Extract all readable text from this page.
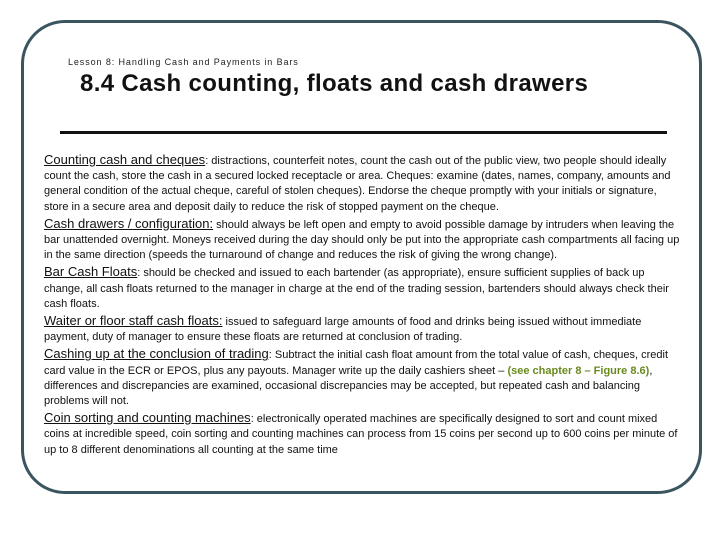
Lesson 8: Handling Cash and Payments in Bars
8.4 Cash counting, floats and cash drawers

Counting cash and cheques: distractions, counterfeit notes, count the cash out of the public view, two people should ideally count the cash, store the cash in a secured locked receptacle or area. Cheques: examine (dates, names, company, amounts and general condition of the actual cheque, careful of stolen cheques). Endorse the cheque promptly with your initials or signature, store in a secure area and deposit daily to reduce the risk of stopped payment on the cheque.

Cash drawers / configuration: should always be left open and empty to avoid possible damage by intruders when leaving the bar unattended overnight. Moneys received during the day should only be put into the appropriate cash compartments all facing up in the same direction (speeds the turnaround of change and reduces the risk of giving the wrong change).

Bar Cash Floats: should be checked and issued to each bartender (as appropriate), ensure sufficient supplies of back up change, all cash floats returned to the manager in charge at the end of the trading session, bartenders should always check their cash floats.

Waiter or floor staff cash floats: issued to safeguard large amounts of food and drinks being issued without immediate payment, duty of manager to ensure these floats are returned at conclusion of trading.

Cashing up at the conclusion of trading: Subtract the initial cash float amount from the total value of cash, cheques, credit card value in the ECR or EPOS, plus any payouts. Manager write up the daily cashiers sheet – (see chapter 8 – Figure 8.6), differences and discrepancies are examined, occasional discrepancies may be accepted, but repeated cash and balancing problems will not.

Coin sorting and counting machines: electronically operated machines are specifically designed to sort and count mixed coins at incredible speed, coin sorting and counting machines can process from 15 coins per second up to 600 coins per minute of up to 8 different denominations all counting at the same time
